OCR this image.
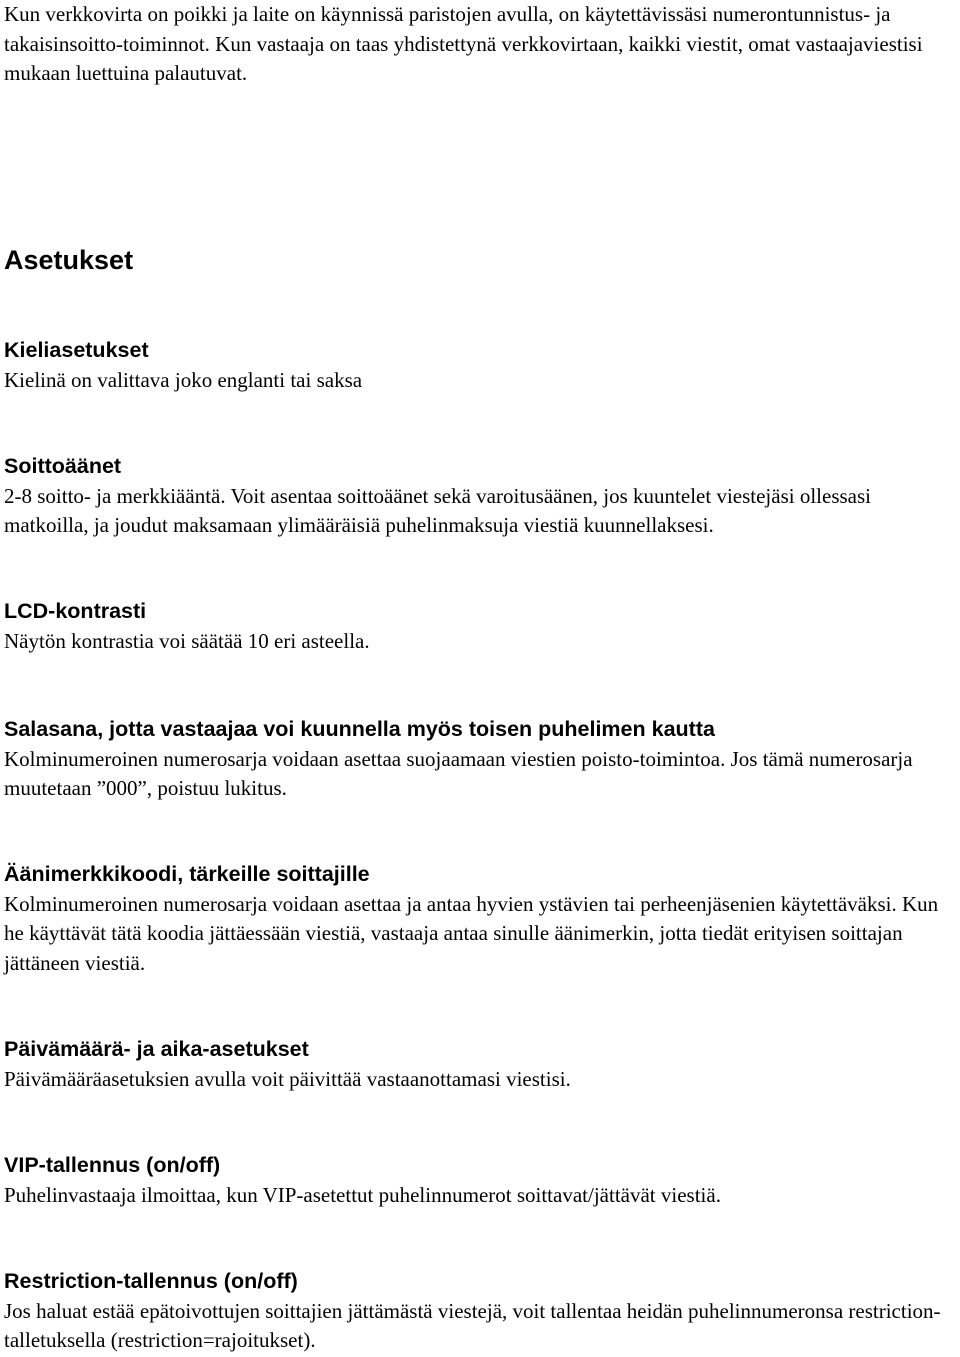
Kun verkkovirta on poikki ja laite on käynnissä paristojen avulla, on käytettävissäsi numerontunnistus- ja takaisinsoitto-toiminnot. Kun vastaaja on taas yhdistettynä verkkovirtaan, kaikki viestit, omat vastaajaviestisi mukaan luettuina palautuvat.

Asetukset
Kieliasetukset

Kielinä on valittava joko englanti tai saksa

Soittoäänet

2-8 soitto- ja merkkiääntä. Voit asentaa soittoäänet sekä varoitusäänen, jos kuuntelet viestejäsi ollessasi matkoilla, ja joudut maksamaan ylimääräisiä puhelinmaksuja viestiä kuunnellaksesi.

LCD-kontrasti

Näytön kontrastia voi säätää 10 eri asteella.

Salasana, jotta vastaajaa voi kuunnella myös toisen puhelimen kautta

Kolminumeroinen numerosarja voidaan asettaa suojaamaan viestien poisto-toimintoa. Jos tämä numerosarja muutetaan ”000”, poistuu lukitus.

Äänimerkkikoodi, tärkeille soittajille

Kolminumeroinen numerosarja voidaan asettaa ja antaa hyvien ystävien tai perheenjäsenien käytettäväksi. Kun he käyttävät tätä koodia jättäessään viestiä, vastaaja antaa sinulle äänimerkin, jotta tiedät erityisen soittajan jättäneen viestiä.

Päivämäärä- ja aika-asetukset

Päivämääräasetuksien avulla voit päivittää vastaanottamasi viestisi.

VIP-tallennus (on/off)

Puhelinvastaaja ilmoittaa, kun VIP-asetettut puhelinnumerot soittavat/jättävät viestiä.

Restriction-tallennus (on/off)

Jos haluat estää epätoivottujen soittajien jättämästä viestejä, voit tallentaa heidän puhelinnumeronsa restriction-talletuksella (restriction=rajoitukset).
